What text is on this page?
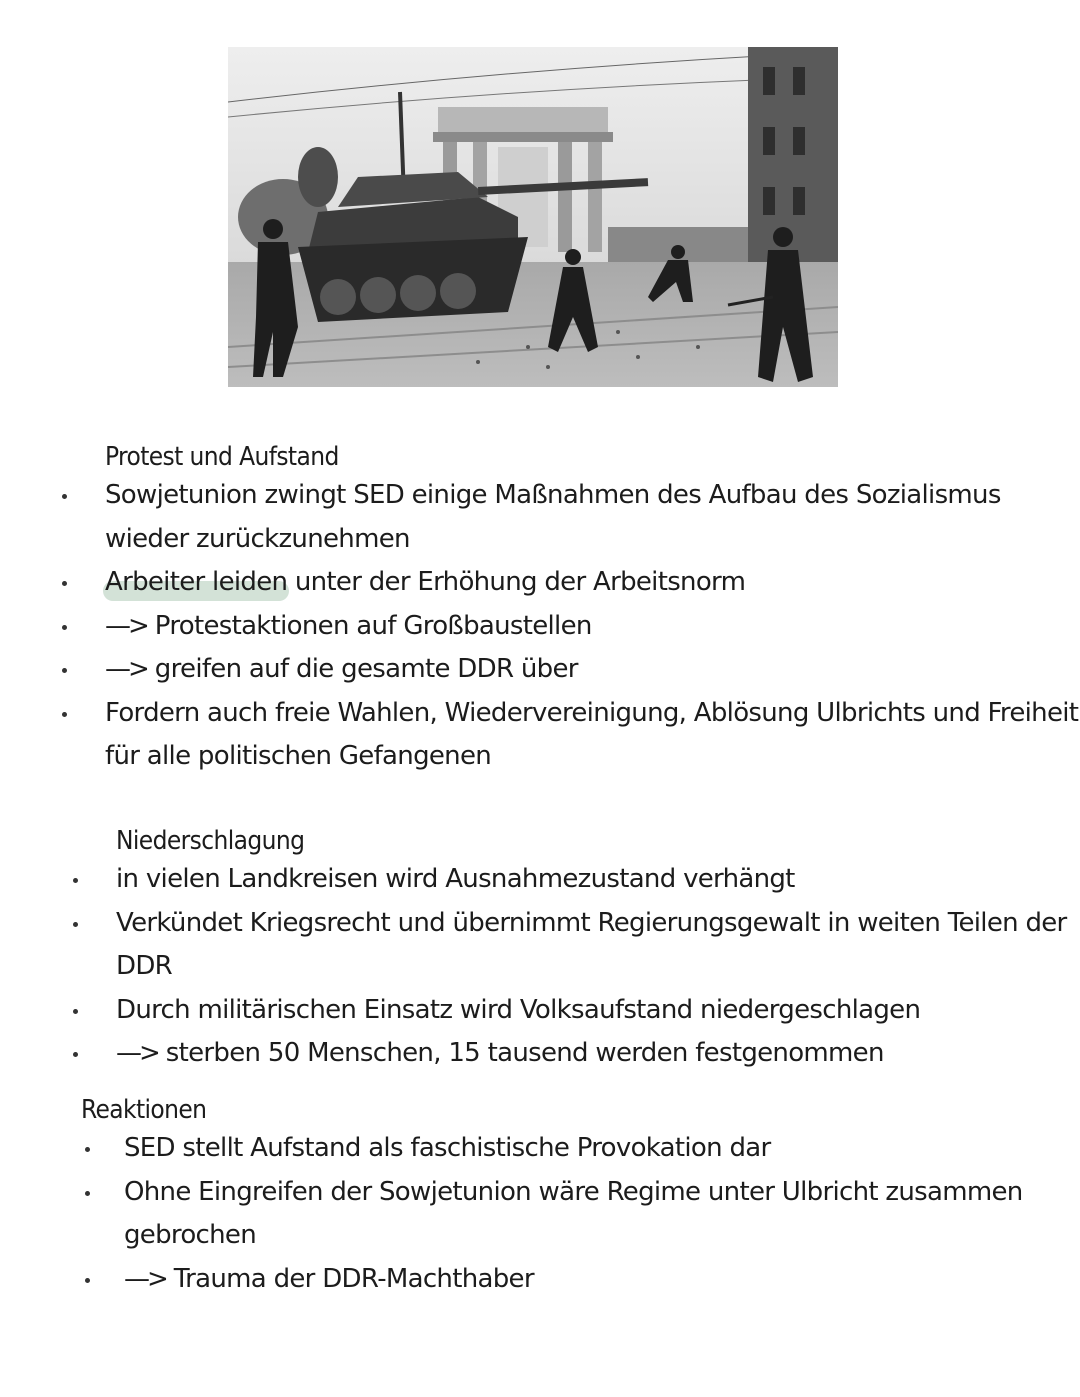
Protest und Aufstand
Sowjetunion zwingt SED einige Maßnahmen des Aufbau des Sozialismus wieder zurückzunehmen
Arbeiter leiden unter der Erhöhung der Arbeitsnorm
—> Protestaktionen auf Großbaustellen
—> greifen auf die gesamte DDR über
Fordern auch freie Wahlen, Wiedervereinigung, Ablösung Ulbrichts und Freiheit für alle politischen Gefangenen
Niederschlagung
in vielen Landkreisen wird Ausnahmezustand verhängt
Verkündet Kriegsrecht und übernimmt Regierungsgewalt in weiten Teilen der DDR
Durch militärischen Einsatz wird Volksaufstand niedergeschlagen
—> sterben 50 Menschen, 15 tausend werden festgenommen
Reaktionen
SED stellt Aufstand als faschistische Provokation dar
Ohne Eingreifen der Sowjetunion wäre Regime unter Ulbricht zusammen gebrochen
—> Trauma der DDR-Machthaber
